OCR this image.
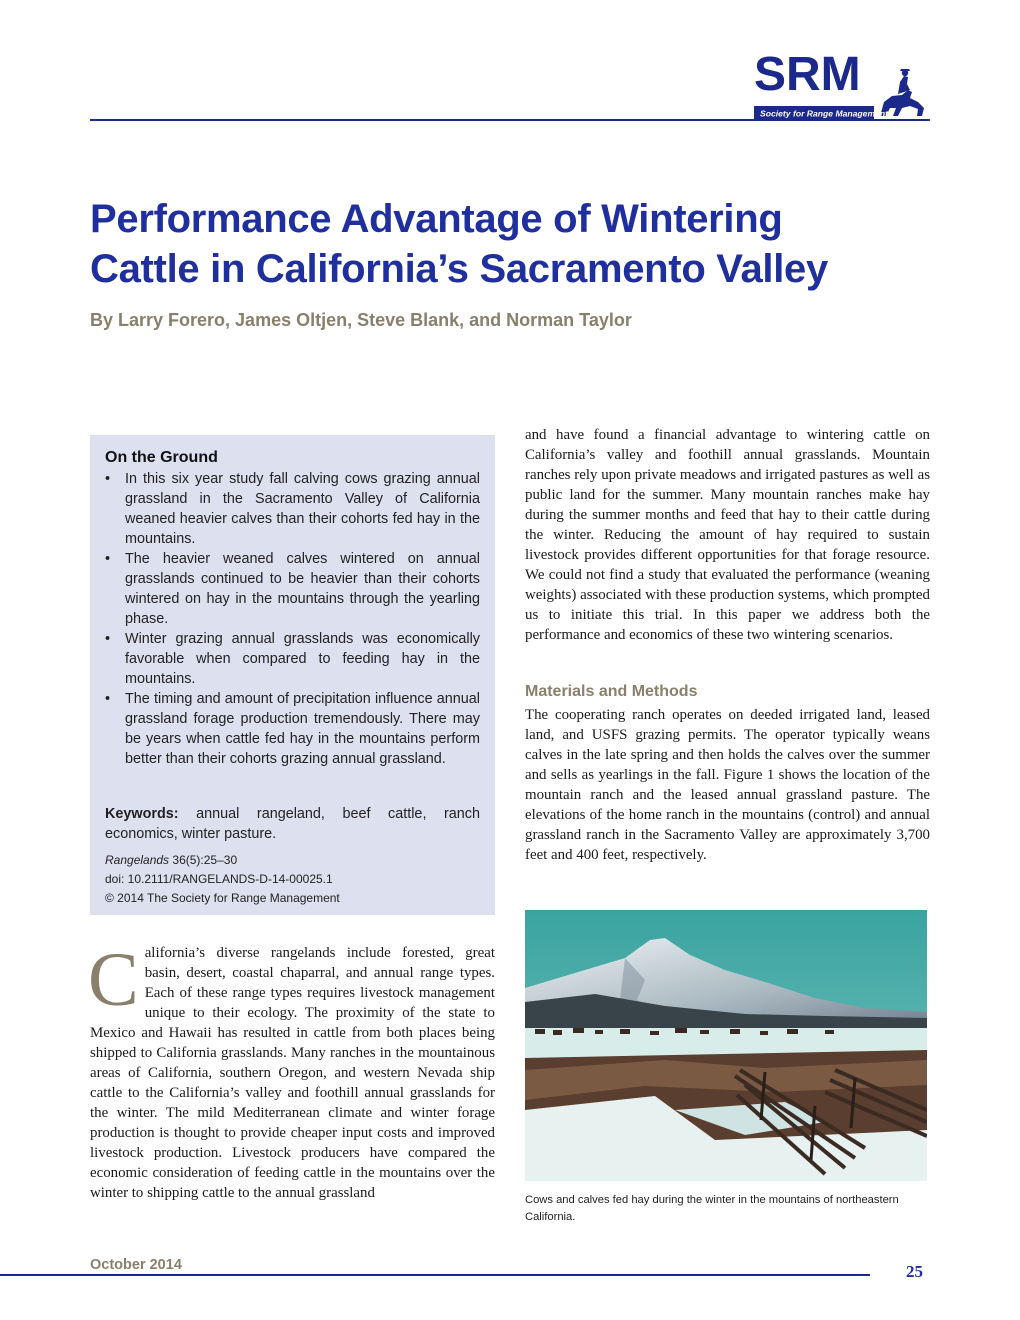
SRM
Society for Range Management
Performance Advantage of Wintering
Cattle in California’s Sacramento Valley

By Larry Forero, James Oltjen, Steve Blank, and Norman Taylor

On the Ground
• In this six year study fall calving cows grazing annual grassland in the Sacramento Valley of California weaned heavier calves than their cohorts fed hay in the mountains.
• The heavier weaned calves wintered on annual grasslands continued to be heavier than their cohorts wintered on hay in the mountains through the yearling phase.
• Winter grazing annual grasslands was economically favorable when compared to feeding hay in the mountains.
• The timing and amount of precipitation influence annual grassland forage production tremendously. There may be years when cattle fed hay in the mountains perform better than their cohorts grazing annual grassland.

Keywords: annual rangeland, beef cattle, ranch economics, winter pasture.

Rangelands 36(5):25–30
doi: 10.2111/RANGELANDS-D-14-00025.1
© 2014 The Society for Range Management

California’s diverse rangelands include forested, great basin, desert, coastal chaparral, and annual range types. Each of these range types requires livestock management unique to their ecology. The proximity of the state to Mexico and Hawaii has resulted in cattle from both places being shipped to California grasslands. Many ranches in the mountainous areas of California, southern Oregon, and western Nevada ship cattle to the California’s valley and foothill annual grasslands for the winter. The mild Mediterranean climate and winter forage production is thought to provide cheaper input costs and improved livestock production. Livestock producers have compared the economic consideration of feeding cattle in the mountains over the winter to shipping cattle to the annual grassland

and have found a financial advantage to wintering cattle on California’s valley and foothill annual grasslands. Mountain ranches rely upon private meadows and irrigated pastures as well as public land for the summer. Many mountain ranches make hay during the summer months and feed that hay to their cattle during the winter. Reducing the amount of hay required to sustain livestock provides different opportunities for that forage resource. We could not find a study that evaluated the performance (weaning weights) associated with these production systems, which prompted us to initiate this trial. In this paper we address both the performance and economics of these two wintering scenarios.

Materials and Methods

The cooperating ranch operates on deeded irrigated land, leased land, and USFS grazing permits. The operator typically weans calves in the late spring and then holds the calves over the summer and sells as yearlings in the fall. Figure 1 shows the location of the mountain ranch and the leased annual grassland pasture. The elevations of the home ranch in the mountains (control) and annual grassland ranch in the Sacramento Valley are approximately 3,700 feet and 400 feet, respectively.

Cows and calves fed hay during the winter in the mountains of northeastern California.

October 2014	25
